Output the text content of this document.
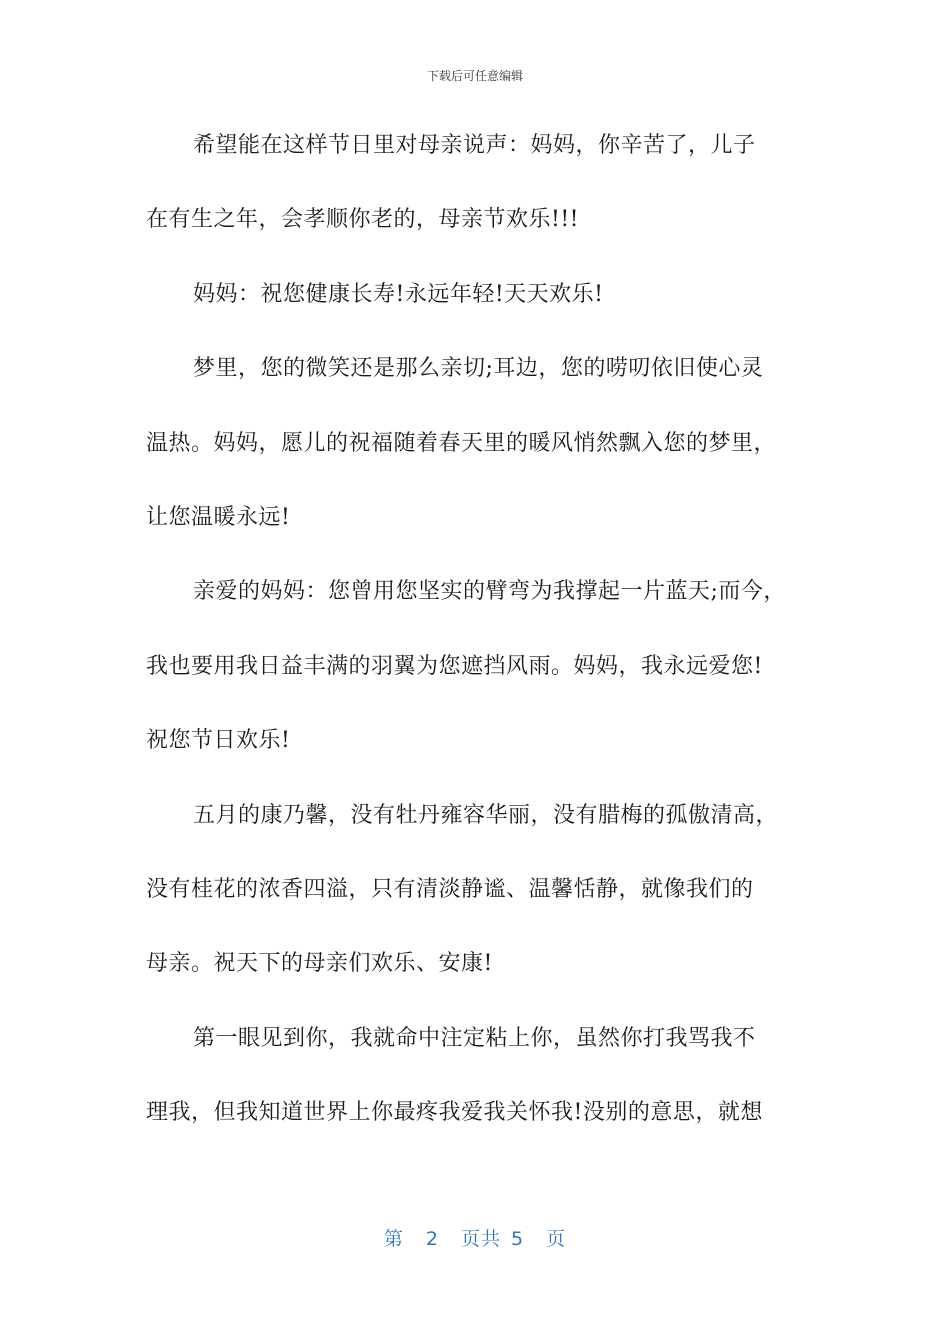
下载后可任意编辑
希望能在这样节日里对母亲说声：妈妈，你辛苦了，儿子
在有生之年，会孝顺你老的，母亲节欢乐!!!
妈妈：祝您健康长寿!永远年轻!天天欢乐!
梦里，您的微笑还是那么亲切;耳边，您的唠叨依旧使心灵
温热。妈妈，愿儿的祝福随着春天里的暖风悄然飘入您的梦里，
让您温暖永远!
亲爱的妈妈：您曾用您坚实的臂弯为我撑起一片蓝天;而今，
我也要用我日益丰满的羽翼为您遮挡风雨。妈妈，我永远爱您!
祝您节日欢乐!
五月的康乃馨，没有牡丹雍容华丽，没有腊梅的孤傲清高，
没有桂花的浓香四溢，只有清淡静谧、温馨恬静，就像我们的
母亲。祝天下的母亲们欢乐、安康!
第一眼见到你，我就命中注定粘上你，虽然你打我骂我不
理我，但我知道世界上你最疼我爱我关怀我!没别的意思，就想
第 2 页共 5 页
